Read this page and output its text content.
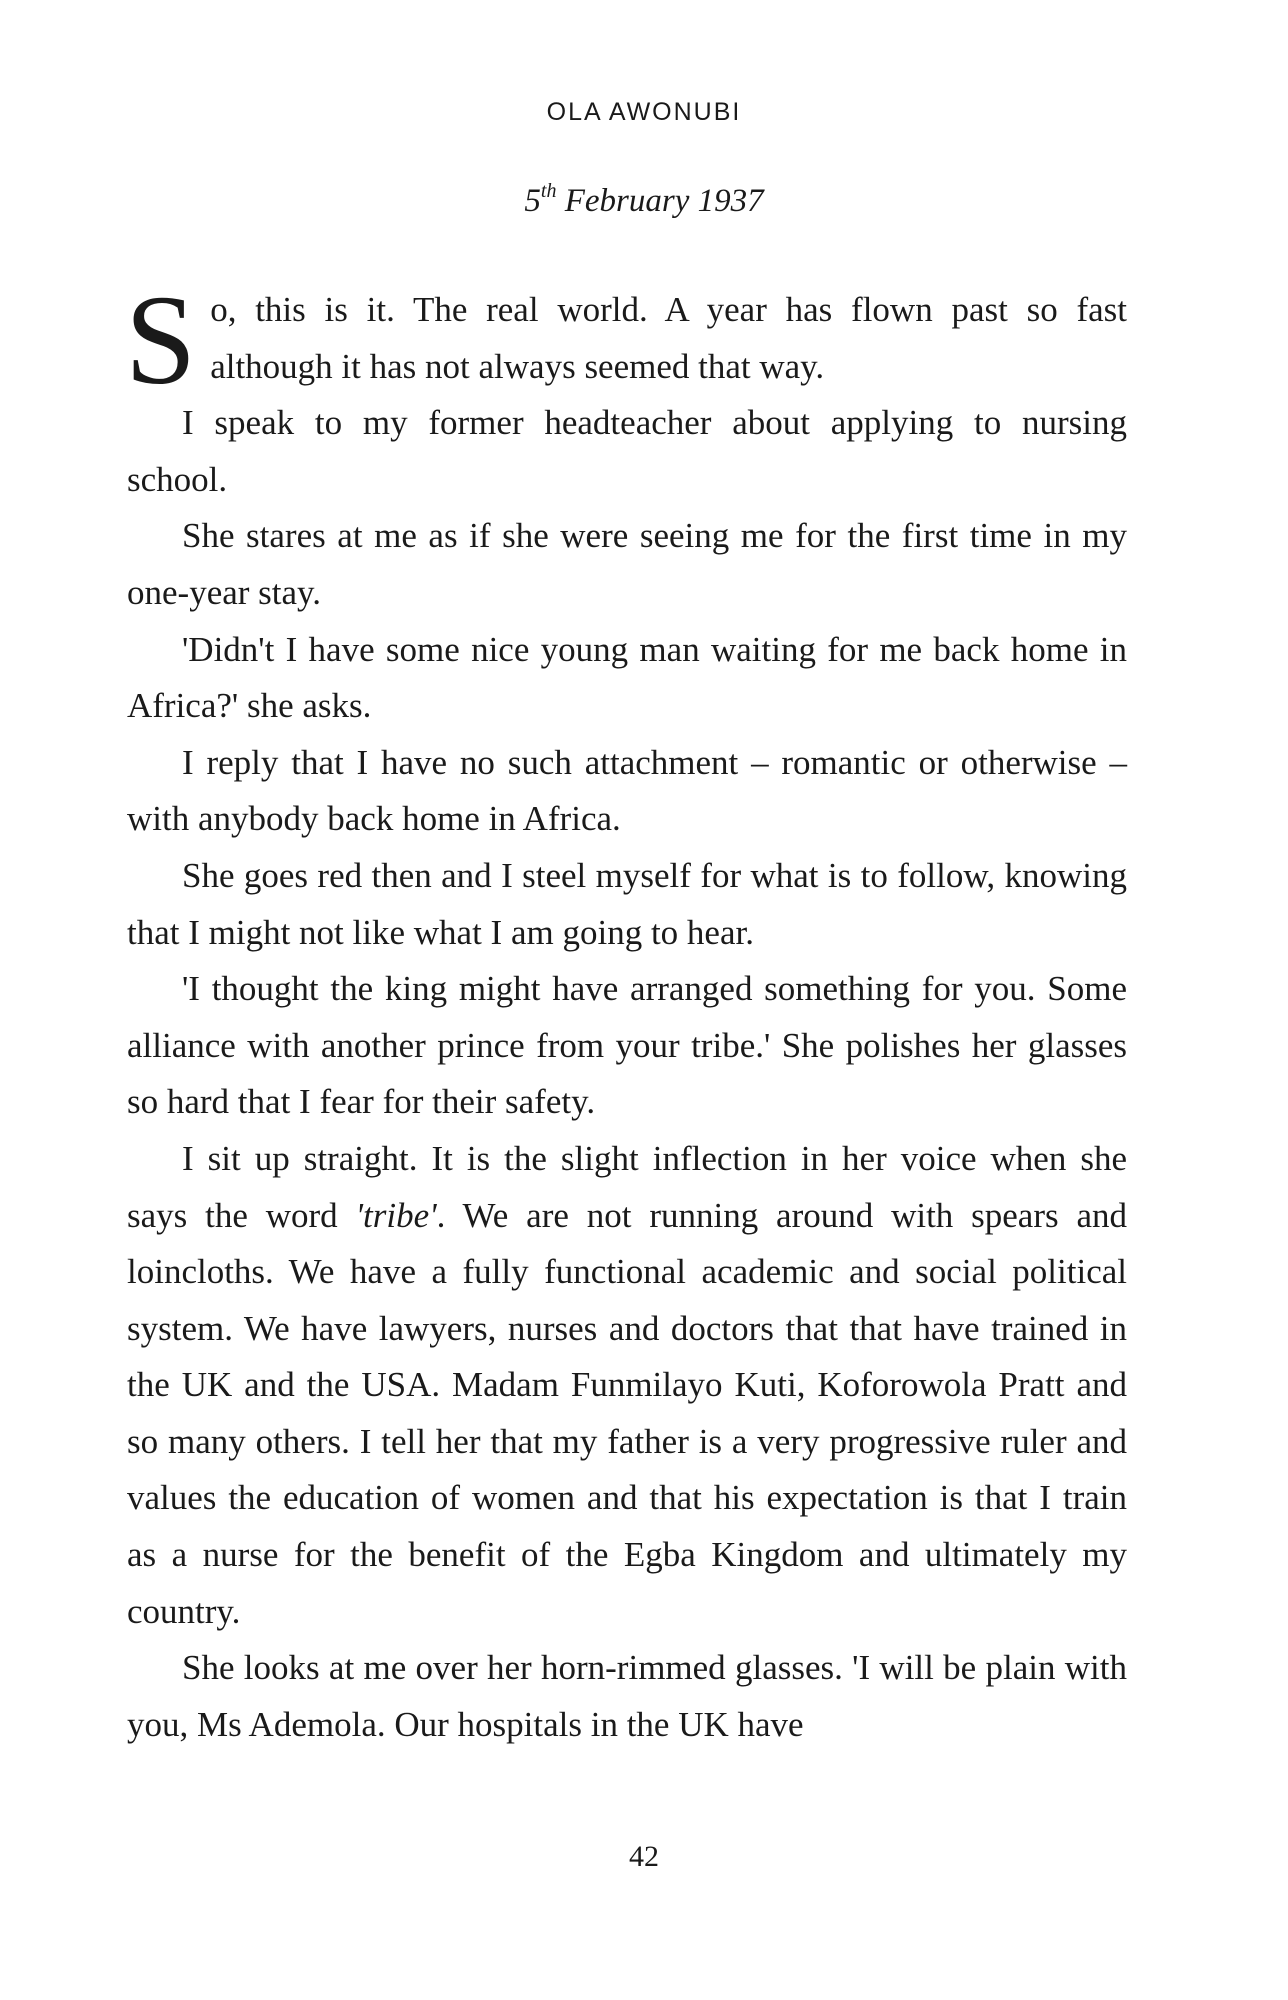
OLA AWONUBI
5th February 1937

So, this is it. The real world. A year has flown past so fast although it has not always seemed that way.

I speak to my former headteacher about applying to nursing school.

She stares at me as if she were seeing me for the first time in my one-year stay.

'Didn't I have some nice young man waiting for me back home in Africa?' she asks.

I reply that I have no such attachment – romantic or otherwise – with anybody back home in Africa.

She goes red then and I steel myself for what is to follow, knowing that I might not like what I am going to hear.

'I thought the king might have arranged something for you. Some alliance with another prince from your tribe.' She polishes her glasses so hard that I fear for their safety.

I sit up straight. It is the slight inflection in her voice when she says the word 'tribe'. We are not running around with spears and loincloths. We have a fully functional academic and social political system. We have lawyers, nurses and doctors that that have trained in the UK and the USA. Madam Funmilayo Kuti, Koforowola Pratt and so many others. I tell her that my father is a very progressive ruler and values the education of women and that his expectation is that I train as a nurse for the benefit of the Egba Kingdom and ultimately my country.

She looks at me over her horn-rimmed glasses. 'I will be plain with you, Ms Ademola. Our hospitals in the UK have

42
